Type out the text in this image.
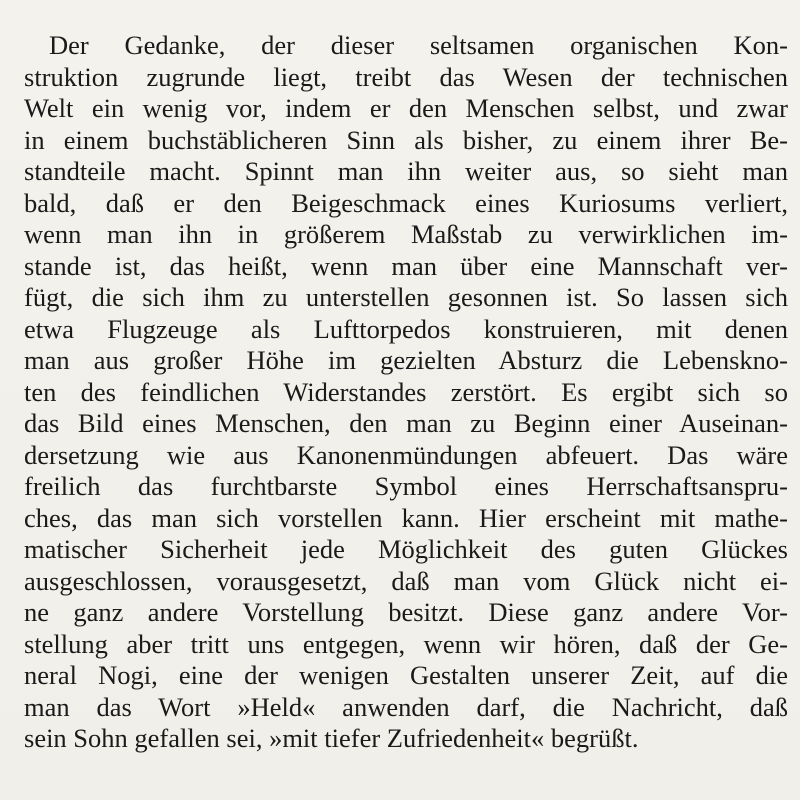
Der Gedanke, der dieser seltsamen organischen Kon-
struktion zugrunde liegt, treibt das Wesen der technischen
Welt ein wenig vor, indem er den Menschen selbst, und zwar
in einem buchstäblicheren Sinn als bisher, zu einem ihrer Be-
standteile macht. Spinnt man ihn weiter aus, so sieht man
bald, daß er den Beigeschmack eines Kuriosums verliert,
wenn man ihn in größerem Maßstab zu verwirklichen im-
stande ist, das heißt, wenn man über eine Mannschaft ver-
fügt, die sich ihm zu unterstellen gesonnen ist. So lassen sich
etwa Flugzeuge als Lufttorpedos konstruieren, mit denen
man aus großer Höhe im gezielten Absturz die Lebenskno-
ten des feindlichen Widerstandes zerstört. Es ergibt sich so
das Bild eines Menschen, den man zu Beginn einer Auseinan-
dersetzung wie aus Kanonenmündungen abfeuert. Das wäre
freilich das furchtbarste Symbol eines Herrschaftsanspru-
ches, das man sich vorstellen kann. Hier erscheint mit mathe-
matischer Sicherheit jede Möglichkeit des guten Glückes
ausgeschlossen, vorausgesetzt, daß man vom Glück nicht ei-
ne ganz andere Vorstellung besitzt. Diese ganz andere Vor-
stellung aber tritt uns entgegen, wenn wir hören, daß der Ge-
neral Nogi, eine der wenigen Gestalten unserer Zeit, auf die
man das Wort »Held« anwenden darf, die Nachricht, daß
sein Sohn gefallen sei, »mit tiefer Zufriedenheit« begrüßt.
